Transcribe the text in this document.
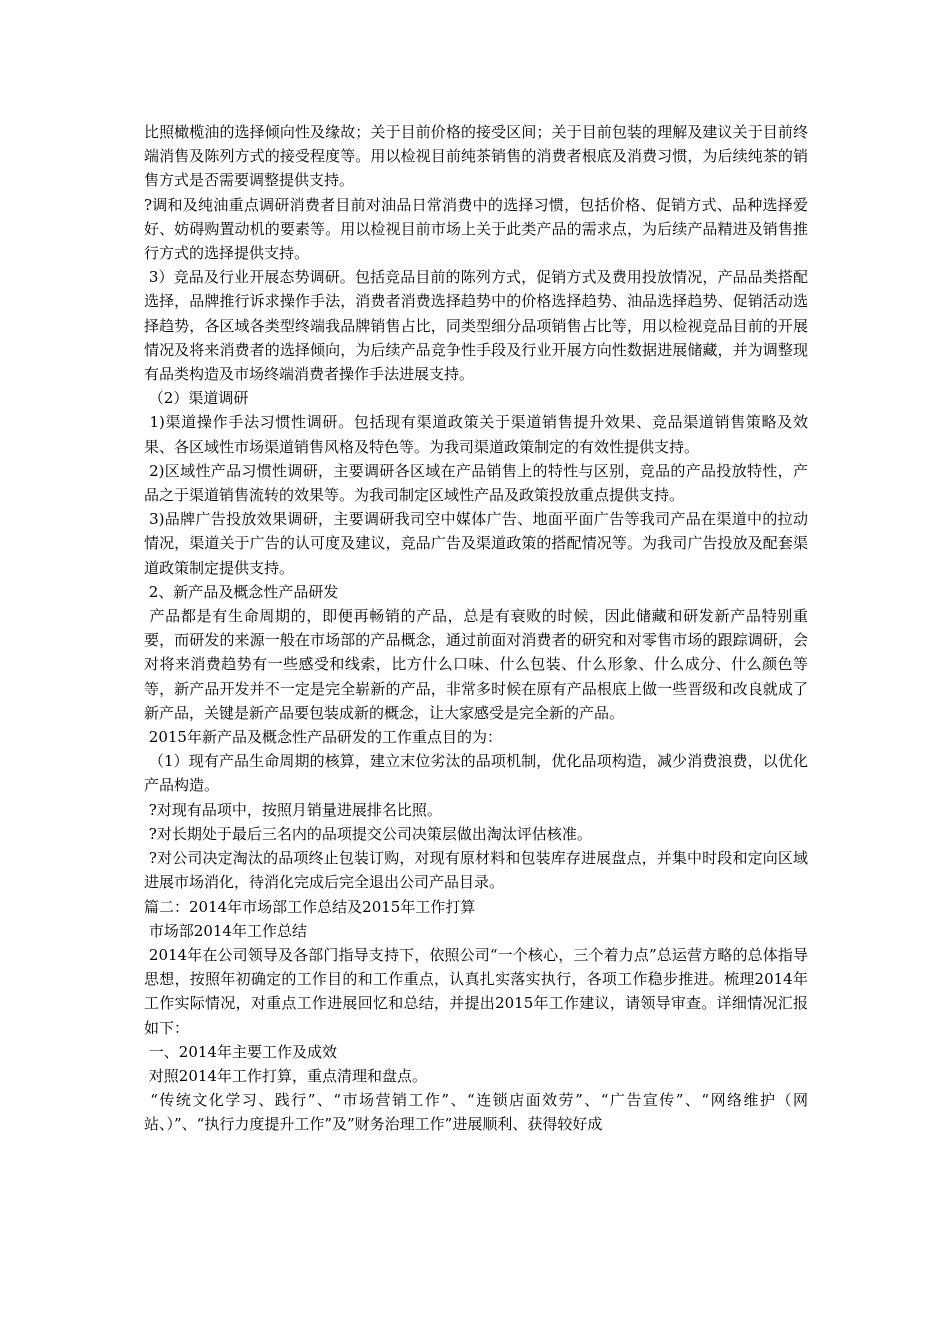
比照橄榄油的选择倾向性及缘故；关于目前价格的接受区间；关于目前包装的理解及建议关于目前终端消售及陈列方式的接受程度等。用以检视目前纯茶销售的消费者根底及消费习惯，为后续纯茶的销售方式是否需要调整提供支持。

?调和及纯油重点调研消费者目前对油品日常消费中的选择习惯，包括价格、促销方式、品种选择爱好、妨碍购置动机的要素等。用以检视目前市场上关于此类产品的需求点，为后续产品精进及销售推行方式的选择提供支持。

3）竞品及行业开展态势调研。包括竞品目前的陈列方式，促销方式及费用投放情况，产品品类搭配选择，品牌推行诉求操作手法，消费者消费选择趋势中的价格选择趋势、油品选择趋势、促销活动选择趋势，各区域各类型终端我品牌销售占比，同类型细分品项销售占比等，用以检视竞品目前的开展情况及将来消费者的选择倾向，为后续产品竞争性手段及行业开展方向性数据进展储藏，并为调整现有品类构造及市场终端消费者操作手法进展支持。

（2）渠道调研

1)渠道操作手法习惯性调研。包括现有渠道政策关于渠道销售提升效果、竞品渠道销售策略及效果、各区域性市场渠道销售风格及特色等。为我司渠道政策制定的有效性提供支持。

2)区域性产品习惯性调研，主要调研各区域在产品销售上的特性与区别，竞品的产品投放特性，产品之于渠道销售流转的效果等。为我司制定区域性产品及政策投放重点提供支持。

3)品牌广告投放效果调研，主要调研我司空中媒体广告、地面平面广告等我司产品在渠道中的拉动情况，渠道关于广告的认可度及建议，竞品广告及渠道政策的搭配情况等。为我司广告投放及配套渠道政策制定提供支持。

2、新产品及概念性产品研发

产品都是有生命周期的，即便再畅销的产品，总是有衰败的时候，因此储藏和研发新产品特别重要，而研发的来源一般在市场部的产品概念，通过前面对消费者的研究和对零售市场的跟踪调研，会对将来消费趋势有一些感受和线索，比方什么口味、什么包装、什么形象、什么成分、什么颜色等等，新产品开发并不一定是完全崭新的产品，非常多时候在原有产品根底上做一些晋级和改良就成了新产品，关键是新产品要包装成新的概念，让大家感受是完全新的产品。

2015年新产品及概念性产品研发的工作重点目的为：

（1）现有产品生命周期的核算，建立末位劣汰的品项机制，优化品项构造，减少消费浪费，以优化产品构造。

?对现有品项中，按照月销量进展排名比照。

?对长期处于最后三名内的品项提交公司决策层做出淘汰评估核准。

?对公司决定淘汰的品项终止包装订购，对现有原材料和包装库存进展盘点，并集中时段和定向区域进展市场消化，待消化完成后完全退出公司产品目录。

篇二：2014年市场部工作总结及2015年工作打算

市场部2014年工作总结

2014年在公司领导及各部门指导支持下，依照公司“一个核心，三个着力点”总运营方略的总体指导思想，按照年初确定的工作目的和工作重点，认真扎实落实执行，各项工作稳步推进。梳理2014年工作实际情况，对重点工作进展回忆和总结，并提出2015年工作建议，请领导审查。详细情况汇报如下：

一、2014年主要工作及成效

对照2014年工作打算，重点清理和盘点。

“传统文化学习、践行”、“市场营销工作”、“连锁店面效劳”、“广告宣传”、“网络维护（网站、）”、“执行力度提升工作”及”财务治理工作”进展顺利、获得较好成
